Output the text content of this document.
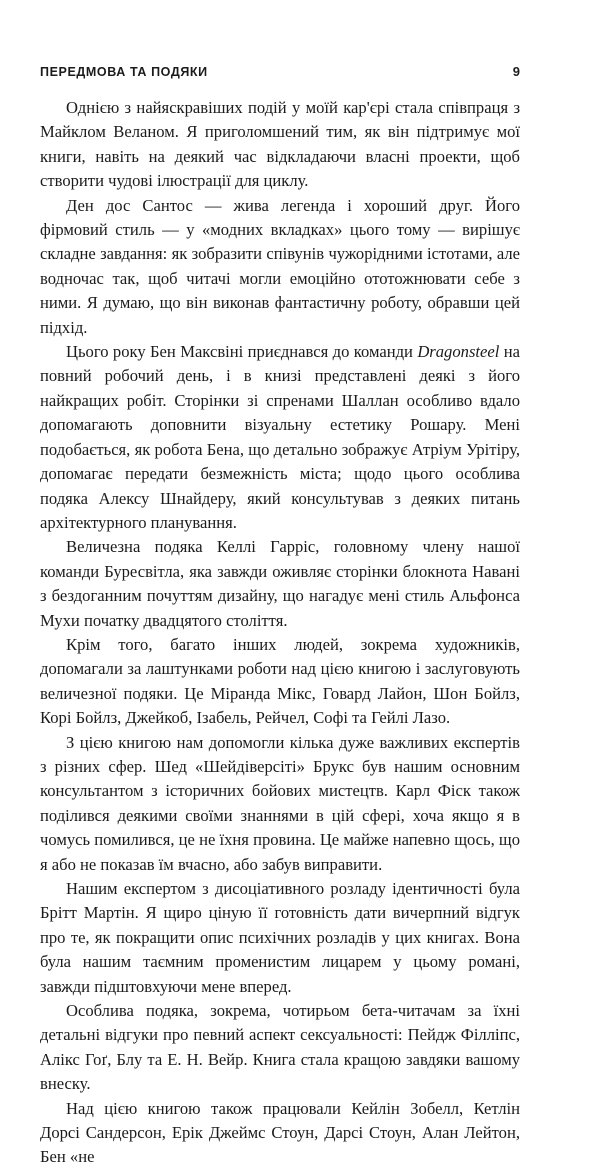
ПЕРЕДМОВА ТА ПОДЯКИ	9

Однією з найяскравіших подій у моїй кар'єрі стала співпраця з Майклом Веланом. Я приголомшений тим, як він підтримує мої книги, навіть на деякий час відкладаючи власні проекти, щоб створити чудові ілюстрації для циклу.

Ден дос Сантос — жива легенда і хороший друг. Його фірмовий стиль — у «модних вкладках» цього тому — вирішує складне завдання: як зобразити співунів чужорідними істотами, але водночас так, щоб читачі могли емоційно ототожнювати себе з ними. Я думаю, що він виконав фантастичну роботу, обравши цей підхід.

Цього року Бен Максвіні приєднався до команди Dragonsteel на повний робочий день, і в книзі представлені деякі з його найкращих робіт. Сторінки зі спренами Шаллан особливо вдало допомагають доповнити візуальну естетику Рошару. Мені подобається, як робота Бена, що детально зображує Атріум Урітіру, допомагає передати безмежність міста; щодо цього особлива подяка Алексу Шнайдеру, який консультував з деяких питань архітектурного планування.

Величезна подяка Келлі Гарріс, головному члену нашої команди Буресвітла, яка завжди оживляє сторінки блокнота Навані з бездоганним почуттям дизайну, що нагадує мені стиль Альфонса Мухи початку двадцятого століття.

Крім того, багато інших людей, зокрема художників, допомагали за лаштунками роботи над цією книгою і заслуговують величезної подяки. Це Міранда Мікс, Говард Лайон, Шон Бойлз, Корі Бойлз, Джейкоб, Ізабель, Рейчел, Софі та Гейлі Лазо.

З цією книгою нам допомогли кілька дуже важливих експертів з різних сфер. Шед «Шейдіверсіті» Брукс був нашим основним консультантом з історичних бойових мистецтв. Карл Фіск також поділився деякими своїми знаннями в цій сфері, хоча якщо я в чомусь помилився, це не їхня провина. Це майже напевно щось, що я або не показав їм вчасно, або забув виправити.

Нашим експертом з дисоціативного розладу ідентичності була Брітт Мартін. Я щиро ціную її готовність дати вичерпний відгук про те, як покращити опис психічних розладів у цих книгах. Вона була нашим таємним променистим лицарем у цьому романі, завжди підштовхуючи мене вперед.

Особлива подяка, зокрема, чотирьом бета-читачам за їхні детальні відгуки про певний аспект сексуальності: Пейдж Філліпс, Алікс Гоґ, Блу та Е. Н. Вейр. Книга стала кращою завдяки вашому внеску.

Над цією книгою також працювали Кейлін Зобелл, Кетлін Дорсі Сандерсон, Ерік Джеймс Стоун, Дарсі Стоун, Алан Лейтон, Бен «не
